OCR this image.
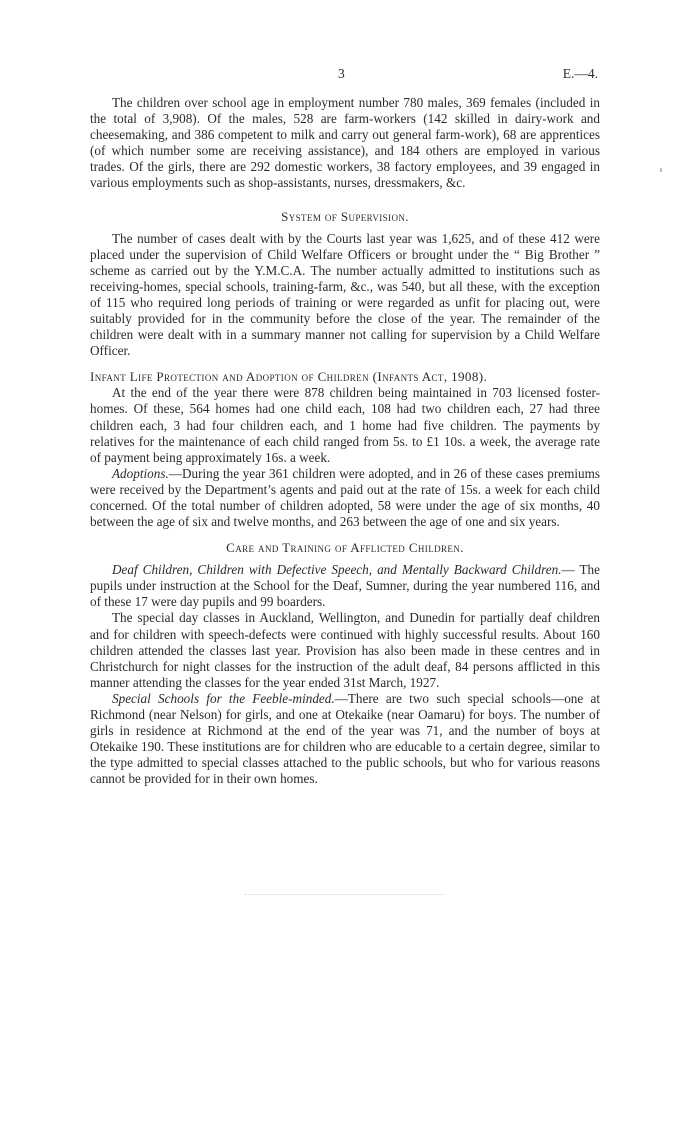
3	E.—4.

The children over school age in employment number 780 males, 369 females (included in the total of 3,908). Of the males, 528 are farm-workers (142 skilled in dairy-work and cheesemaking, and 386 competent to milk and carry out general farm-work), 68 are apprentices (of which number some are receiving assistance), and 184 others are employed in various trades. Of the girls, there are 292 domestic workers, 38 factory employees, and 39 engaged in various employments such as shop-assistants, nurses, dressmakers, &c.

System of Supervision.

The number of cases dealt with by the Courts last year was 1,625, and of these 412 were placed under the supervision of Child Welfare Officers or brought under the “ Big Brother ” scheme as carried out by the Y.M.C.A. The number actually admitted to institutions such as receiving-homes, special schools, training-farm, &c., was 540, but all these, with the exception of 115 who required long periods of training or were regarded as unfit for placing out, were suitably provided for in the community before the close of the year. The remainder of the children were dealt with in a summary manner not calling for supervision by a Child Welfare Officer.

Infant Life Protection and Adoption of Children (Infants Act, 1908).

At the end of the year there were 878 children being maintained in 703 licensed foster-homes. Of these, 564 homes had one child each, 108 had two children each, 27 had three children each, 3 had four children each, and 1 home had five children. The payments by relatives for the maintenance of each child ranged from 5s. to £1 10s. a week, the average rate of payment being approximately 16s. a week.

Adoptions.—During the year 361 children were adopted, and in 26 of these cases premiums were received by the Department’s agents and paid out at the rate of 15s. a week for each child concerned. Of the total number of children adopted, 58 were under the age of six months, 40 between the age of six and twelve months, and 263 between the age of one and six years.

Care and Training of Afflicted Children.

Deaf Children, Children with Defective Speech, and Mentally Backward Children.— The pupils under instruction at the School for the Deaf, Sumner, during the year numbered 116, and of these 17 were day pupils and 99 boarders.

The special day classes in Auckland, Wellington, and Dunedin for partially deaf children and for children with speech-defects were continued with highly successful results. About 160 children attended the classes last year. Provision has also been made in these centres and in Christchurch for night classes for the instruction of the adult deaf, 84 persons afflicted in this manner attending the classes for the year ended 31st March, 1927.

Special Schools for the Feeble-minded.—There are two such special schools—one at Richmond (near Nelson) for girls, and one at Otekaike (near Oamaru) for boys. The number of girls in residence at Richmond at the end of the year was 71, and the number of boys at Otekaike 190. These institutions are for children who are educable to a certain degree, similar to the type admitted to special classes attached to the public schools, but who for various reasons cannot be provided for in their own homes.
